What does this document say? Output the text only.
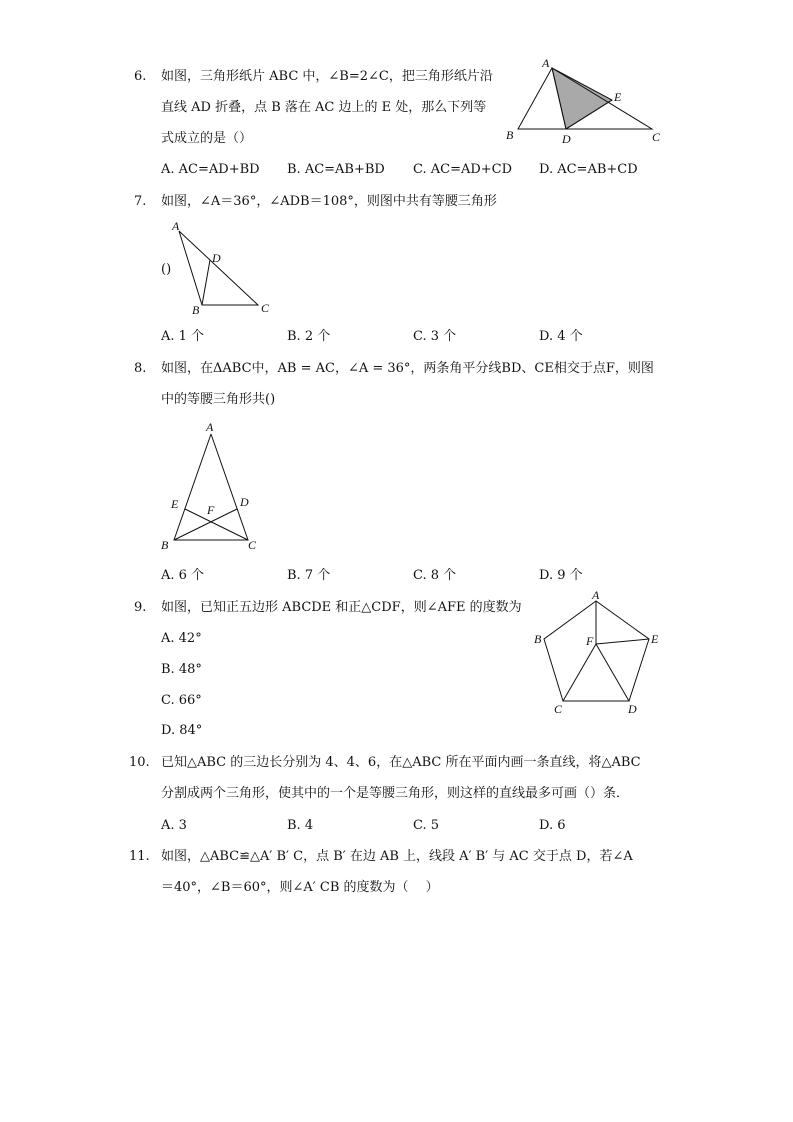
6. 如图，三角形纸片 ABC 中，∠B=2∠C，把三角形纸片沿
直线 AD 折叠，点 B 落在 AC 边上的 E 处，那么下列等
式成立的是（）
A. AC=AD+BD B. AC=AB+BD C. AC=AD+CD D. AC=AB+CD
A
B	C
D
E
7. 如图，∠A＝36°，∠ADB＝108°，则图中共有等腰三角形
()
A. 1 个	B. 2 个	C. 3 个	D. 4 个
A
D
B	C
8. 如图，在ΔABC中，AB = AC，∠A = 36°，两条角平分线BD、CE相交于点F，则图
中的等腰三角形共()
A. 6 个	B. 7 个	C. 8 个	D. 9 个
A
E	D
F
B	C
9. 如图，已知正五边形 ABCDE 和正△CDF，则∠AFE 的度数为
A. 42°
B. 48°
C. 66°
D. 84°
A
B	E
F
C	D
10. 已知△ABC 的三边长分别为 4、4、6，在△ABC 所在平面内画一条直线，将△ABC
分割成两个三角形，使其中的一个是等腰三角形，则这样的直线最多可画（）条．
A. 3	B. 4	C. 5	D. 6
11. 如图，△ABC≌△A′ B′ C，点 B′ 在边 AB 上，线段 A′ B′ 与 AC 交于点 D，若∠A
＝40°，∠B＝60°，则∠A′ CB 的度数为（　 ）
